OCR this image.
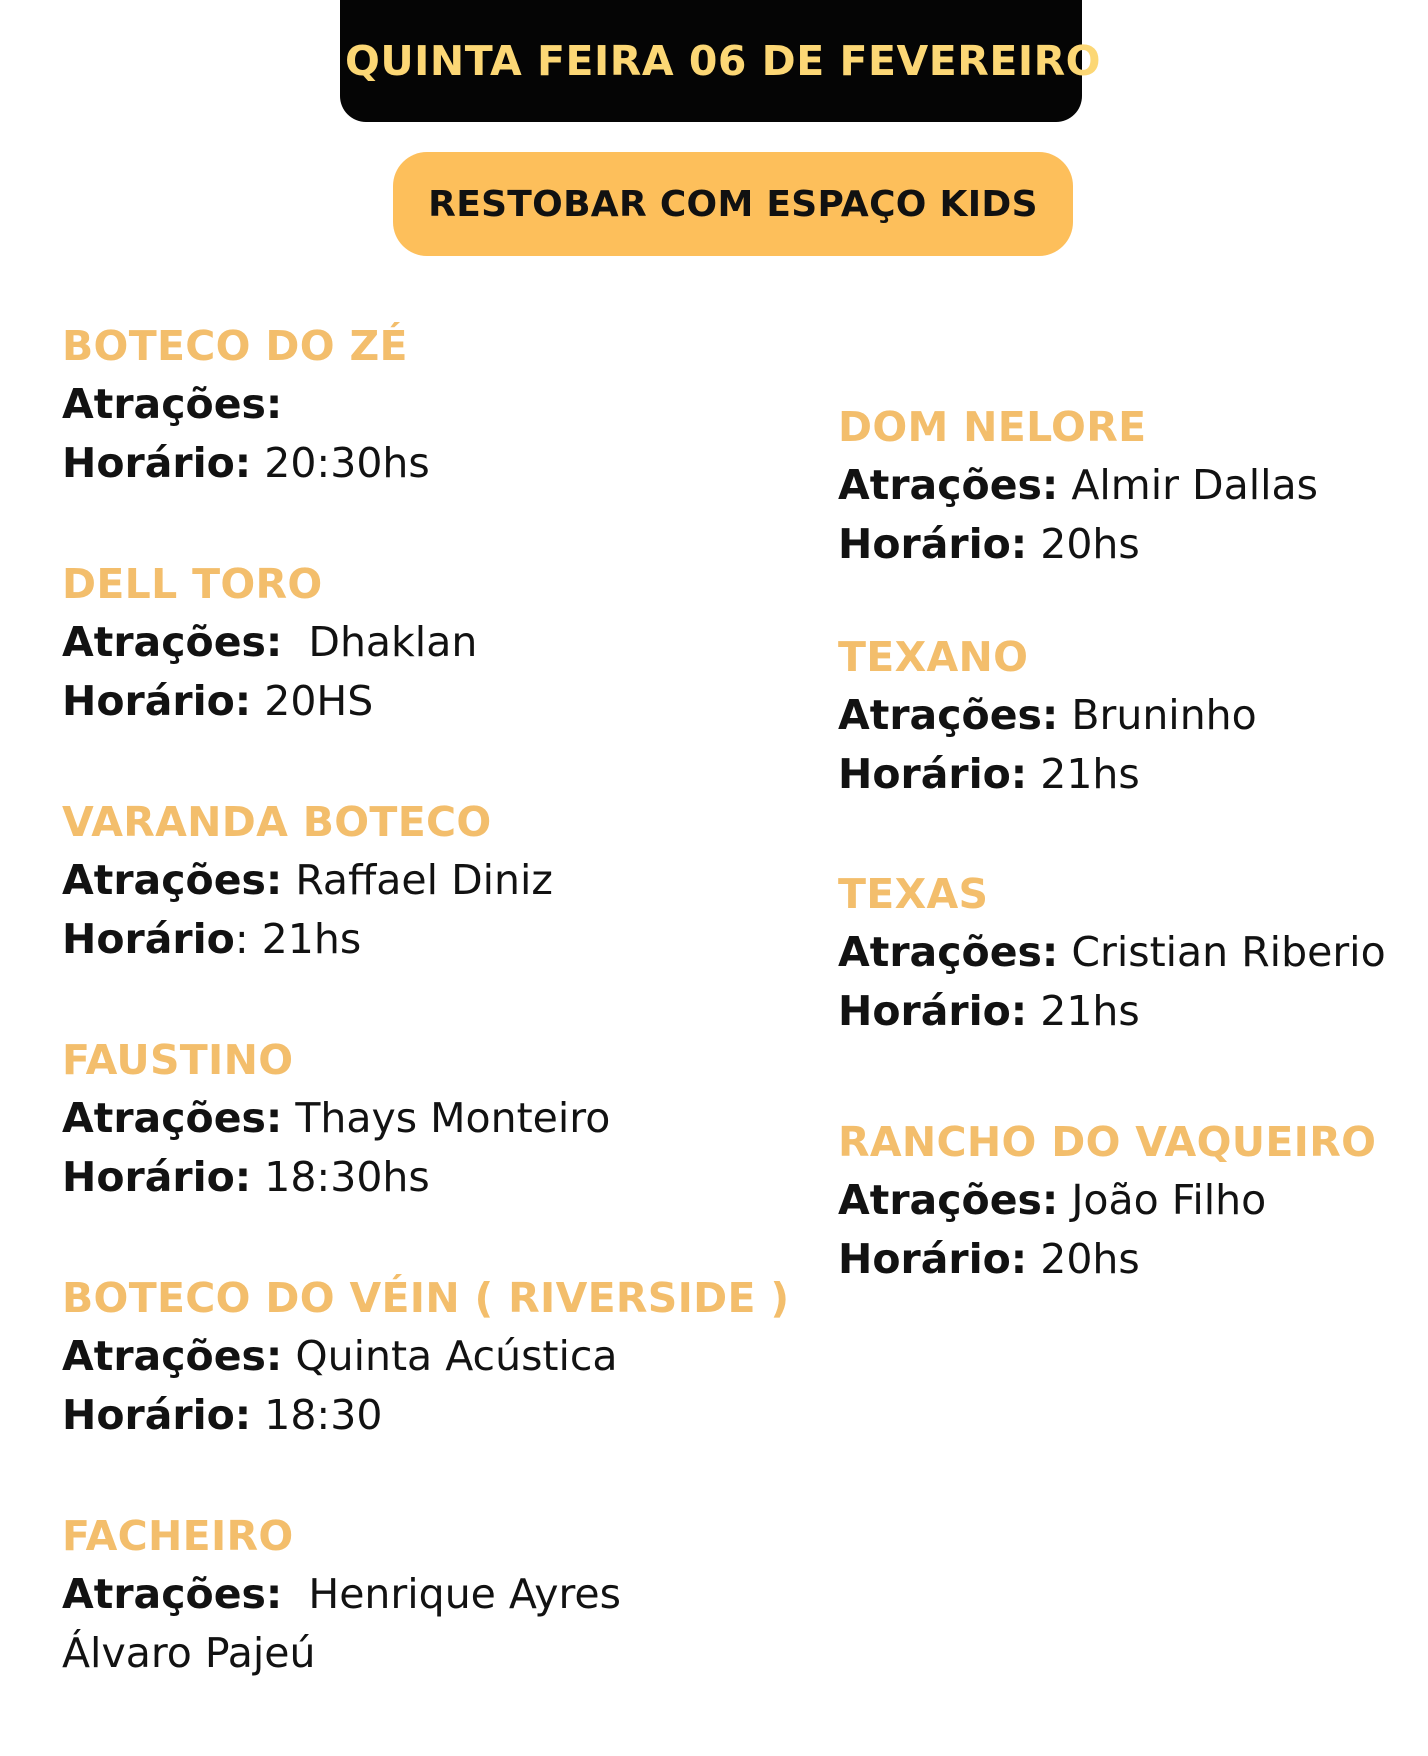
QUINTA FEIRA 06 DE FEVEREIRO
RESTOBAR COM ESPAÇO KIDS
BOTECO DO ZÉ
Atrações:
Horário: 20:30hs
DELL TORO
Atrações: Dhaklan
Horário: 20HS
VARANDA BOTECO
Atrações: Raffael Diniz
Horário: 21hs
FAUSTINO
Atrações: Thays Monteiro
Horário: 18:30hs
BOTECO DO VÉIN ( RIVERSIDE )
Atrações: Quinta Acústica
Horário: 18:30
FACHEIRO
Atrações: Henrique Ayres
Álvaro Pajeú
DOM NELORE
Atrações: Almir Dallas
Horário: 20hs
TEXANO
Atrações: Bruninho
Horário: 21hs
TEXAS
Atrações: Cristian Riberio
Horário: 21hs
RANCHO DO VAQUEIRO
Atrações: João Filho
Horário: 20hs
